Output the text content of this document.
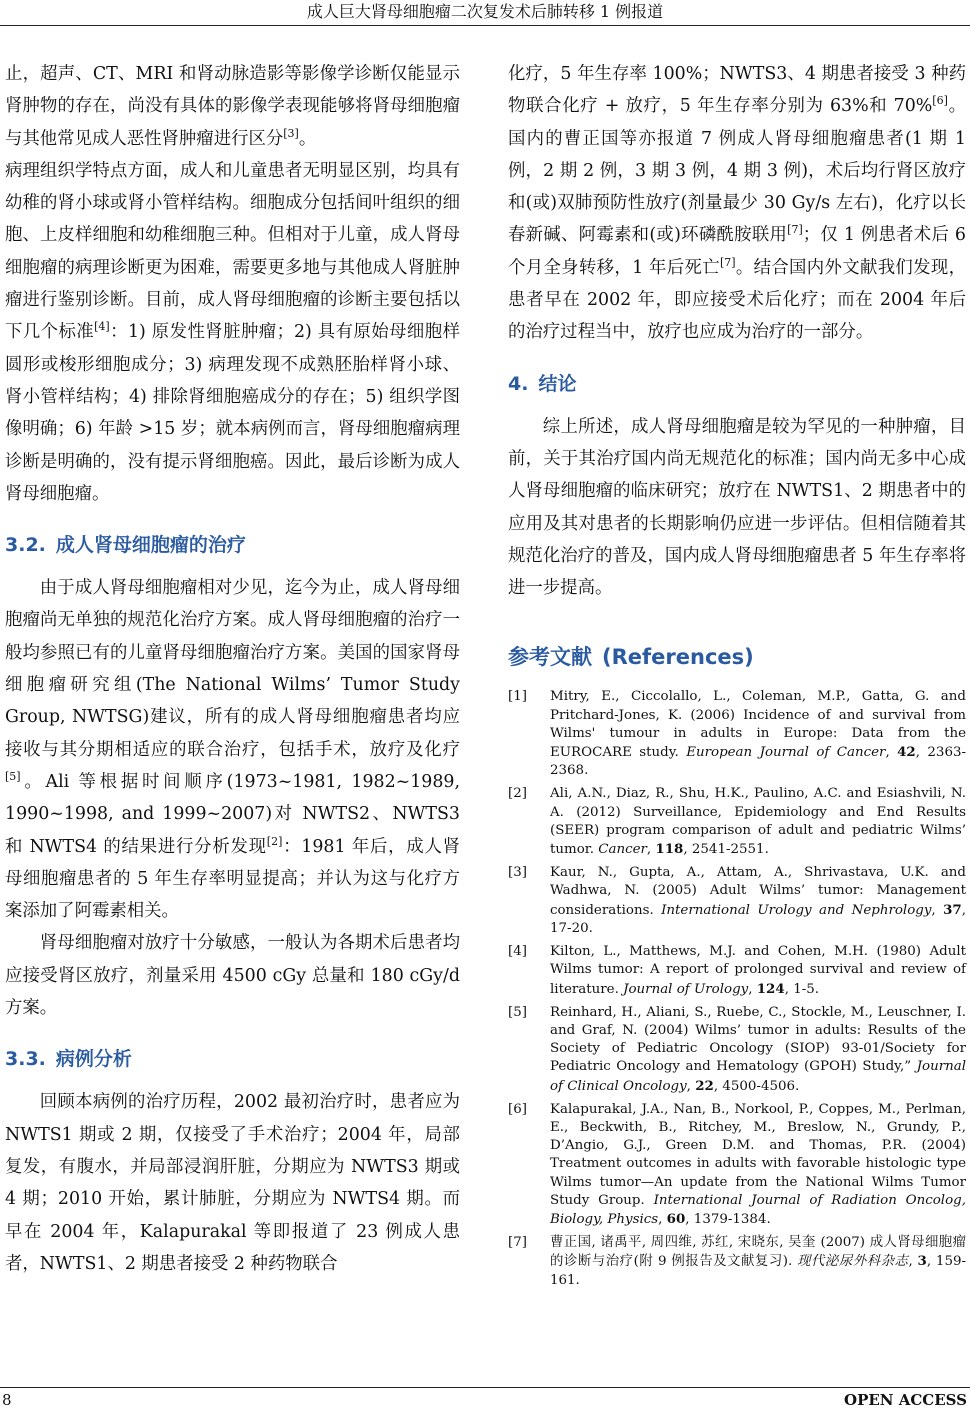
成人巨大肾母细胞瘤二次复发术后肺转移 1 例报道

止，超声、CT、MRI 和肾动脉造影等影像学诊断仅能显示肾肿物的存在，尚没有具体的影像学表现能够将肾母细胞瘤与其他常见成人恶性肾肿瘤进行区分[3]。

病理组织学特点方面，成人和儿童患者无明显区别，均具有幼稚的肾小球或肾小管样结构。细胞成分包括间叶组织的细胞、上皮样细胞和幼稚细胞三种。但相对于儿童，成人肾母细胞瘤的病理诊断更为困难，需要更多地与其他成人肾脏肿瘤进行鉴别诊断。目前，成人肾母细胞瘤的诊断主要包括以下几个标准[4]：1) 原发性肾脏肿瘤；2) 具有原始母细胞样圆形或梭形细胞成分；3) 病理发现不成熟胚胎样肾小球、肾小管样结构；4) 排除肾细胞癌成分的存在；5) 组织学图像明确；6) 年龄 >15 岁；就本病例而言，肾母细胞瘤病理诊断是明确的，没有提示肾细胞癌。因此，最后诊断为成人肾母细胞瘤。

3.2. 成人肾母细胞瘤的治疗

由于成人肾母细胞瘤相对少见，迄今为止，成人肾母细胞瘤尚无单独的规范化治疗方案。成人肾母细胞瘤的治疗一般均参照已有的儿童肾母细胞瘤治疗方案。美国的国家肾母细胞瘤研究组(The National Wilms’ Tumor Study Group, NWTSG)建议，所有的成人肾母细胞瘤患者均应接收与其分期相适应的联合治疗，包括手术，放疗及化疗[5]。Ali 等根据时间顺序(1973~1981, 1982~1989, 1990~1998, and 1999~2007)对 NWTS2、NWTS3 和 NWTS4 的结果进行分析发现[2]：1981 年后，成人肾母细胞瘤患者的 5 年生存率明显提高；并认为这与化疗方案添加了阿霉素相关。

肾母细胞瘤对放疗十分敏感，一般认为各期术后患者均应接受肾区放疗，剂量采用 4500 cGy 总量和 180 cGy/d 方案。

3.3. 病例分析

回顾本病例的治疗历程，2002 最初治疗时，患者应为 NWTS1 期或 2 期，仅接受了手术治疗；2004 年，局部复发，有腹水，并局部浸润肝脏，分期应为 NWTS3 期或 4 期；2010 开始，累计肺脏，分期应为 NWTS4 期。而早在 2004 年，Kalapurakal 等即报道了 23 例成人患者，NWTS1、2 期患者接受 2 种药物联合

化疗，5 年生存率 100%；NWTS3、4 期患者接受 3 种药物联合化疗 + 放疗，5 年生存率分别为 63%和 70%[6]。国内的曹正国等亦报道 7 例成人肾母细胞瘤患者(1 期 1 例，2 期 2 例，3 期 3 例，4 期 3 例)，术后均行肾区放疗和(或)双肺预防性放疗(剂量最少 30 Gy/s 左右)，化疗以长春新碱、阿霉素和(或)环磷酰胺联用[7]；仅 1 例患者术后 6 个月全身转移，1 年后死亡[7]。结合国内外文献我们发现，患者早在 2002 年，即应接受术后化疗；而在 2004 年后的治疗过程当中，放疗也应成为治疗的一部分。

4. 结论

综上所述，成人肾母细胞瘤是较为罕见的一种肿瘤，目前，关于其治疗国内尚无规范化的标准；国内尚无多中心成人肾母细胞瘤的临床研究；放疗在 NWTS1、2 期患者中的应用及其对患者的长期影响仍应进一步评估。但相信随着其规范化治疗的普及，国内成人肾母细胞瘤患者 5 年生存率将进一步提高。

参考文献 (References)
[1]	Mitry, E., Ciccolallo, L., Coleman, M.P., Gatta, G. and Pritchard-Jones, K. (2006) Incidence of and survival from Wilms' tumour in adults in Europe: Data from the EUROCARE study. European Journal of Cancer, 42, 2363-2368.
[2]	Ali, A.N., Diaz, R., Shu, H.K., Paulino, A.C. and Esiashvili, N. A. (2012) Surveillance, Epidemiology and End Results (SEER) program comparison of adult and pediatric Wilms’ tumor. Cancer, 118, 2541-2551.
[3]	Kaur, N., Gupta, A., Attam, A., Shrivastava, U.K. and Wadhwa, N. (2005) Adult Wilms’ tumor: Management considerations. International Urology and Nephrology, 37, 17-20.
[4]	Kilton, L., Matthews, M.J. and Cohen, M.H. (1980) Adult Wilms tumor: A report of prolonged survival and review of literature. Journal of Urology, 124, 1-5.
[5]	Reinhard, H., Aliani, S., Ruebe, C., Stockle, M., Leuschner, I. and Graf, N. (2004) Wilms’ tumor in adults: Results of the Society of Pediatric Oncology (SIOP) 93-01/Society for Pediatric Oncology and Hematology (GPOH) Study,” Journal of Clinical Oncology, 22, 4500-4506.
[6]	Kalapurakal, J.A., Nan, B., Norkool, P., Coppes, M., Perlman, E., Beckwith, B., Ritchey, M., Breslow, N., Grundy, P., D’Angio, G.J., Green D.M. and Thomas, P.R. (2004) Treatment outcomes in adults with favorable histologic type Wilms tumor—An update from the National Wilms Tumor Study Group. International Journal of Radiation Oncolog, Biology, Physics, 60, 1379-1384.
[7]	曹正国, 诸禹平, 周四维, 苏红, 宋晓东, 吴奎 (2007) 成人肾母细胞瘤的诊断与治疗(附 9 例报告及文献复习). 现代泌尿外科杂志, 3, 159-161.
8	OPEN ACCESS
